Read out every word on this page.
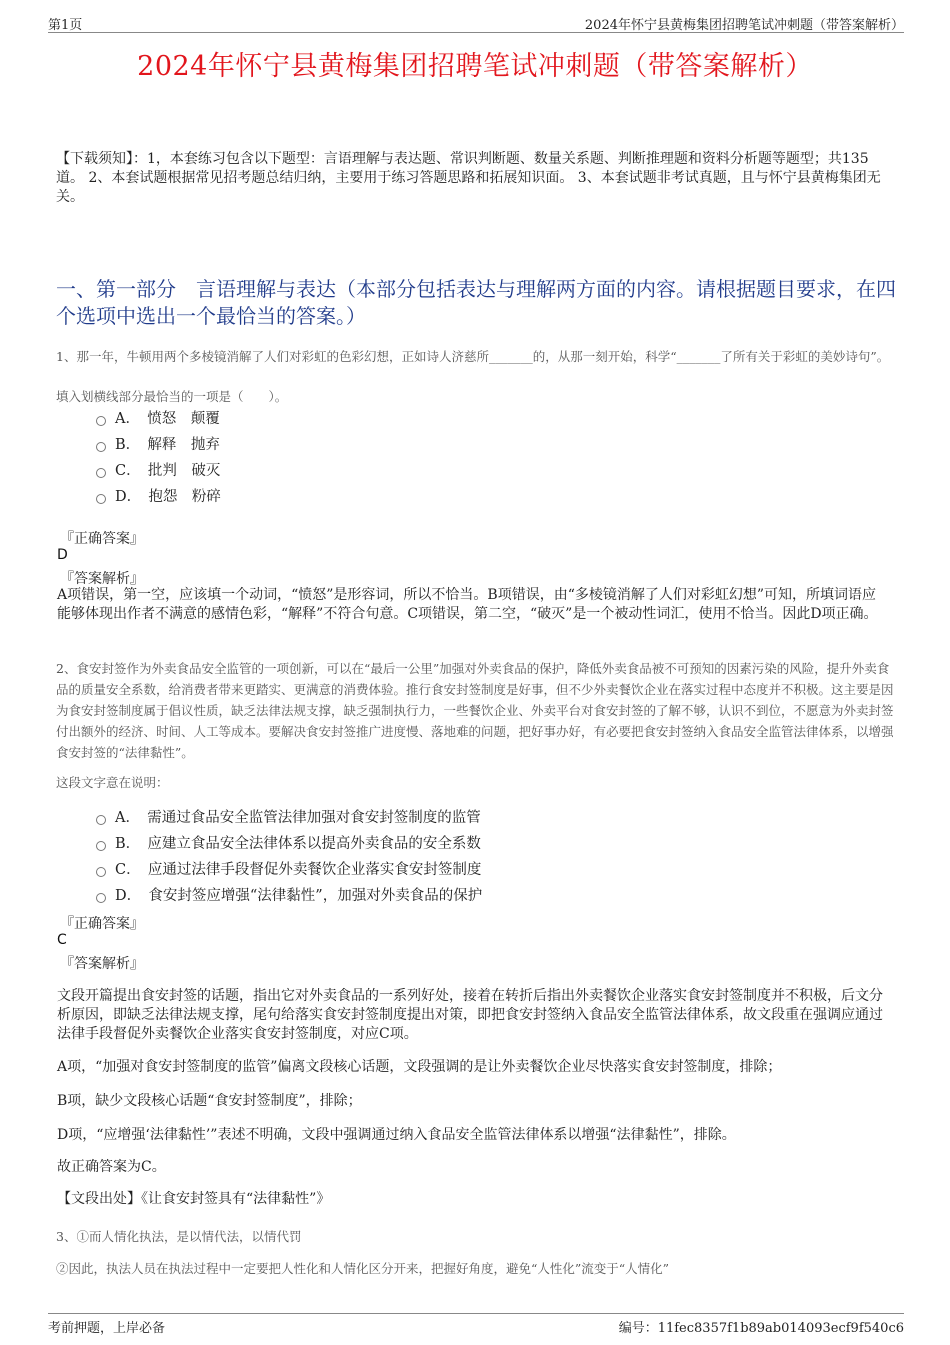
第1页	2024年怀宁县黄梅集团招聘笔试冲刺题（带答案解析）
2024年怀宁县黄梅集团招聘笔试冲刺题（带答案解析）
【下载须知】：1，本套练习包含以下题型：言语理解与表达题、常识判断题、数量关系题、判断推理题和资料分析题等题型；共135道。 2、本套试题根据常见招考题总结归纳，主要用于练习答题思路和拓展知识面。 3、本套试题非考试真题，且与怀宁县黄梅集团无关。
一、第一部分　言语理解与表达（本部分包括表达与理解两方面的内容。请根据题目要求，在四个选项中选出一个最恰当的答案。）
1、那一年，牛顿用两个多棱镜消解了人们对彩虹的色彩幻想，正如诗人济慈所_______的，从那一刻开始，科学“_______了所有关于彩虹的美妙诗句”。
填入划横线部分最恰当的一项是（　　）。
A．　愤怒　颠覆
B．　解释　抛弃
C．　批判　破灭
D．　抱怨　粉碎
『正确答案』
D
『答案解析』
A项错误，第一空，应该填一个动词，“愤怒”是形容词，所以不恰当。B项错误，由“多棱镜消解了人们对彩虹幻想”可知，所填词语应能够体现出作者不满意的感情色彩，“解释”不符合句意。C项错误，第二空，“破灭”是一个被动性词汇，使用不恰当。因此D项正确。
2、食安封签作为外卖食品安全监管的一项创新，可以在“最后一公里”加强对外卖食品的保护，降低外卖食品被不可预知的因素污染的风险，提升外卖食品的质量安全系数，给消费者带来更踏实、更满意的消费体验。推行食安封签制度是好事，但不少外卖餐饮企业在落实过程中态度并不积极。这主要是因为食安封签制度属于倡议性质，缺乏法律法规支撑，缺乏强制执行力，一些餐饮企业、外卖平台对食安封签的了解不够，认识不到位，不愿意为外卖封签付出额外的经济、时间、人工等成本。要解决食安封签推广进度慢、落地难的问题，把好事办好，有必要把食安封签纳入食品安全监管法律体系，以增强食安封签的“法律黏性”。
这段文字意在说明：
A．　需通过食品安全监管法律加强对食安封签制度的监管
B．　应建立食品安全法律体系以提高外卖食品的安全系数
C．　应通过法律手段督促外卖餐饮企业落实食安封签制度
D．　食安封签应增强“法律黏性”，加强对外卖食品的保护
『正确答案』
C
『答案解析』
文段开篇提出食安封签的话题，指出它对外卖食品的一系列好处，接着在转折后指出外卖餐饮企业落实食安封签制度并不积极，后文分析原因，即缺乏法律法规支撑，尾句给落实食安封签制度提出对策，即把食安封签纳入食品安全监管法律体系，故文段重在强调应通过法律手段督促外卖餐饮企业落实食安封签制度，对应C项。
A项，“加强对食安封签制度的监管”偏离文段核心话题，文段强调的是让外卖餐饮企业尽快落实食安封签制度，排除；
B项，缺少文段核心话题“食安封签制度”，排除；
D项，“应增强‘法律黏性’”表述不明确，文段中强调通过纳入食品安全监管法律体系以增强“法律黏性”，排除。
故正确答案为C。
【文段出处】《让食安封签具有“法律黏性”》
3、①而人情化执法，是以情代法，以情代罚
②因此，执法人员在执法过程中一定要把人性化和人情化区分开来，把握好角度，避免“人性化”流变于“人情化”
考前押题，上岸必备	编号：11fec8357f1b89ab014093ecf9f540c6
